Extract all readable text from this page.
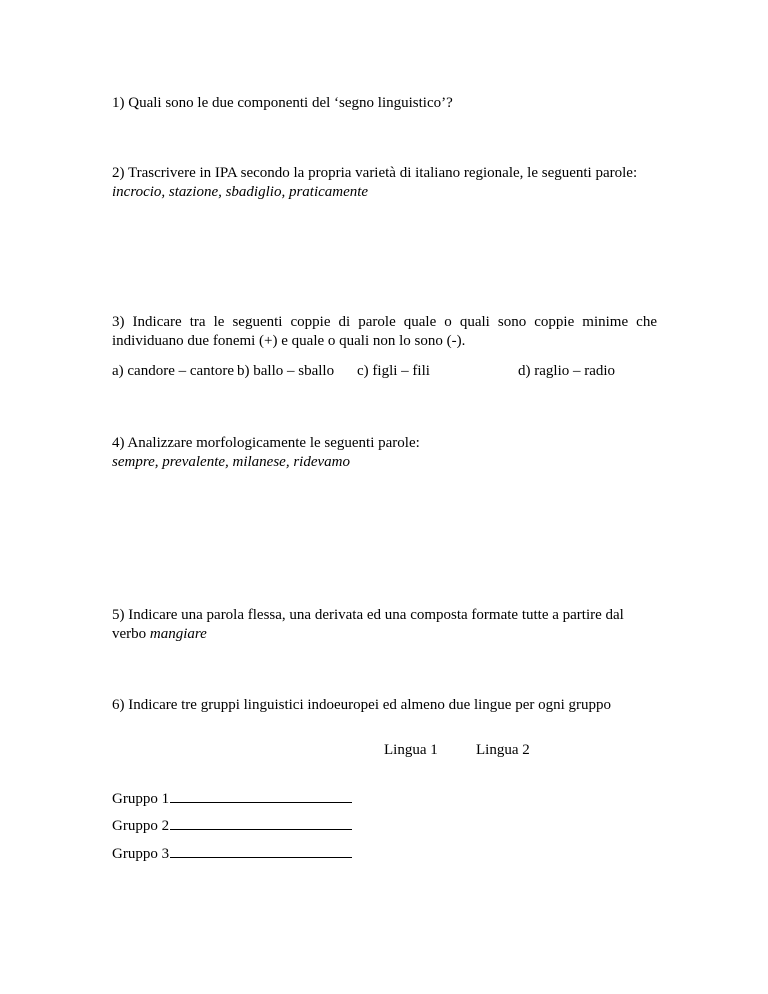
1) Quali sono le due componenti del ‘segno linguistico’?

2) Trascrivere in IPA secondo la propria varietà di italiano regionale, le seguenti parole:
incrocio, stazione, sbadiglio, praticamente

3) Indicare tra le seguenti coppie di parole quale o quali sono coppie minime che individuano due fonemi (+) e quale o quali non lo sono (-).

a) candore – cantore b) ballo – sballo c) figli – fili	d) raglio – radio

4) Analizzare morfologicamente le seguenti parole:
sempre, prevalente, milanese, ridevamo

5) Indicare una parola flessa, una derivata ed una composta formate tutte a partire dal verbo mangiare

6) Indicare tre gruppi linguistici indoeuropei ed almeno due lingue per ogni gruppo

Lingua 1	Lingua 2
Gruppo 1
Gruppo 2
Gruppo 3
